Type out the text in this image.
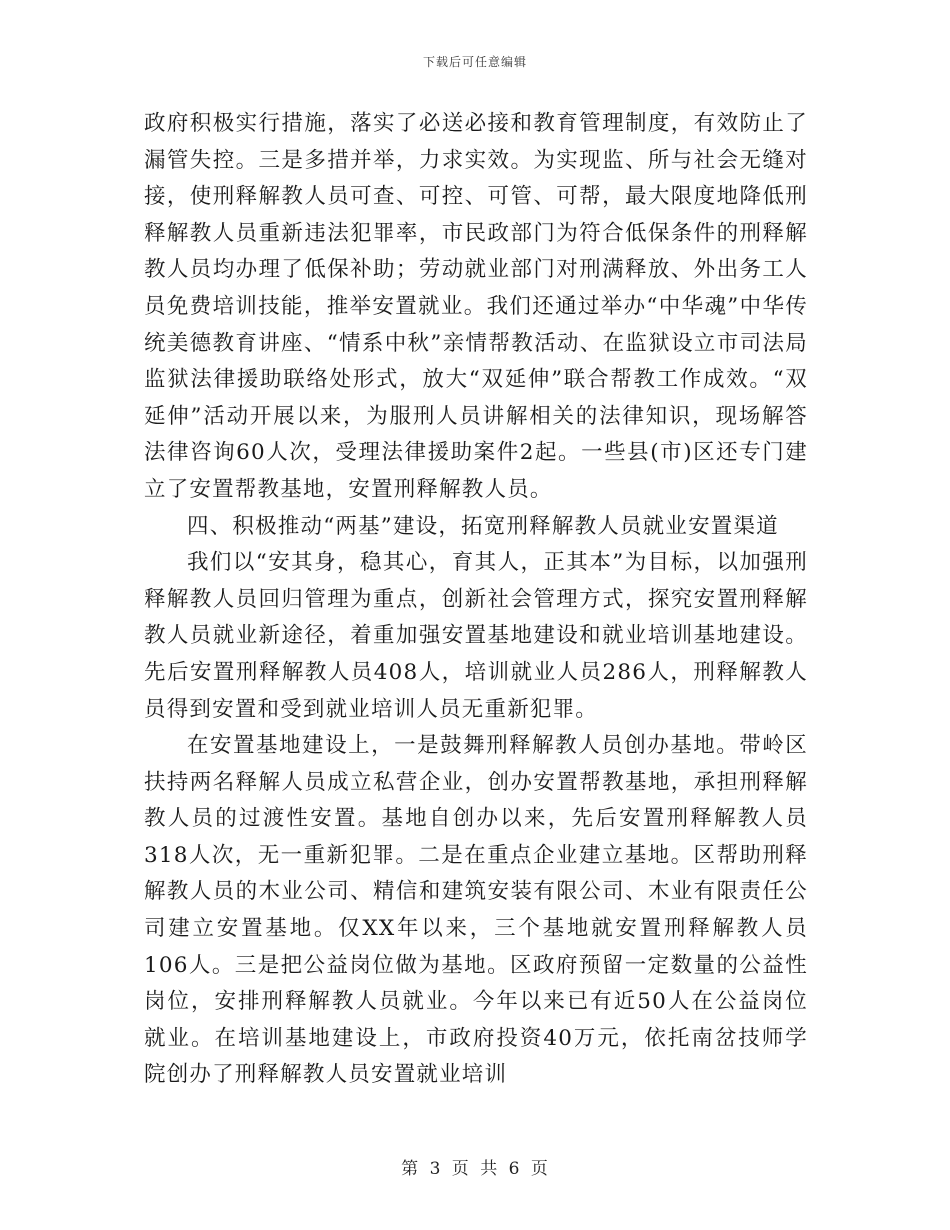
下载后可任意编辑

政府积极实行措施，落实了必送必接和教育管理制度，有效防止了漏管失控。三是多措并举，力求实效。为实现监、所与社会无缝对接，使刑释解教人员可查、可控、可管、可帮，最大限度地降低刑释解教人员重新违法犯罪率，市民政部门为符合低保条件的刑释解教人员均办理了低保补助；劳动就业部门对刑满释放、外出务工人员免费培训技能，推举安置就业。我们还通过举办“中华魂”中华传统美德教育讲座、“情系中秋”亲情帮教活动、在监狱设立市司法局监狱法律援助联络处形式，放大“双延伸”联合帮教工作成效。“双延伸”活动开展以来，为服刑人员讲解相关的法律知识，现场解答法律咨询60人次，受理法律援助案件2起。一些县(市)区还专门建立了安置帮教基地，安置刑释解教人员。

四、积极推动“两基”建设，拓宽刑释解教人员就业安置渠道

我们以“安其身，稳其心，育其人，正其本”为目标，以加强刑释解教人员回归管理为重点，创新社会管理方式，探究安置刑释解教人员就业新途径，着重加强安置基地建设和就业培训基地建设。先后安置刑释解教人员408人，培训就业人员286人，刑释解教人员得到安置和受到就业培训人员无重新犯罪。

在安置基地建设上，一是鼓舞刑释解教人员创办基地。带岭区扶持两名释解人员成立私营企业，创办安置帮教基地，承担刑释解教人员的过渡性安置。基地自创办以来，先后安置刑释解教人员318人次，无一重新犯罪。二是在重点企业建立基地。区帮助刑释解教人员的木业公司、精信和建筑安装有限公司、木业有限责任公司建立安置基地。仅XX年以来，三个基地就安置刑释解教人员106人。三是把公益岗位做为基地。区政府预留一定数量的公益性岗位，安排刑释解教人员就业。今年以来已有近50人在公益岗位就业。在培训基地建设上，市政府投资40万元，依托南岔技师学院创办了刑释解教人员安置就业培训

第 3 页 共 6 页
